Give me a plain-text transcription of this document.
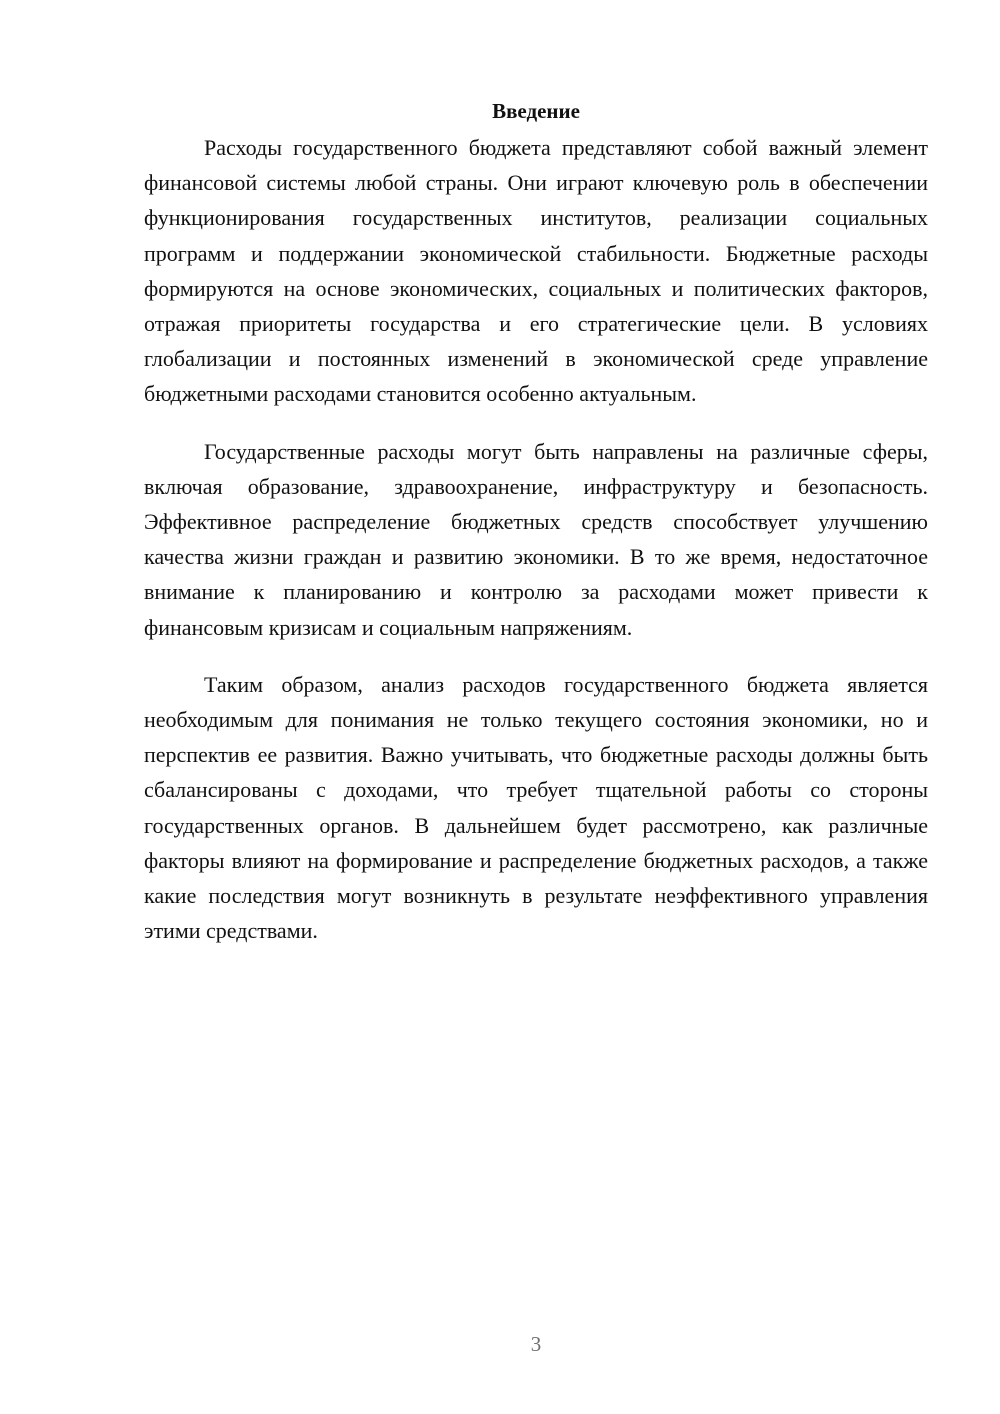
Введение

Расходы государственного бюджета представляют собой важный элемент финансовой системы любой страны. Они играют ключевую роль в обеспечении функционирования государственных институтов, реализации социальных программ и поддержании экономической стабильности. Бюджетные расходы формируются на основе экономических, социальных и политических факторов, отражая приоритеты государства и его стратегические цели. В условиях глобализации и постоянных изменений в экономической среде управление бюджетными расходами становится особенно актуальным.

Государственные расходы могут быть направлены на различные сферы, включая образование, здравоохранение, инфраструктуру и безопасность. Эффективное распределение бюджетных средств способствует улучшению качества жизни граждан и развитию экономики. В то же время, недостаточное внимание к планированию и контролю за расходами может привести к финансовым кризисам и социальным напряжениям.

Таким образом, анализ расходов государственного бюджета является необходимым для понимания не только текущего состояния экономики, но и перспектив ее развития. Важно учитывать, что бюджетные расходы должны быть сбалансированы с доходами, что требует тщательной работы со стороны государственных органов. В дальнейшем будет рассмотрено, как различные факторы влияют на формирование и распределение бюджетных расходов, а также какие последствия могут возникнуть в результате неэффективного управления этими средствами.

3
